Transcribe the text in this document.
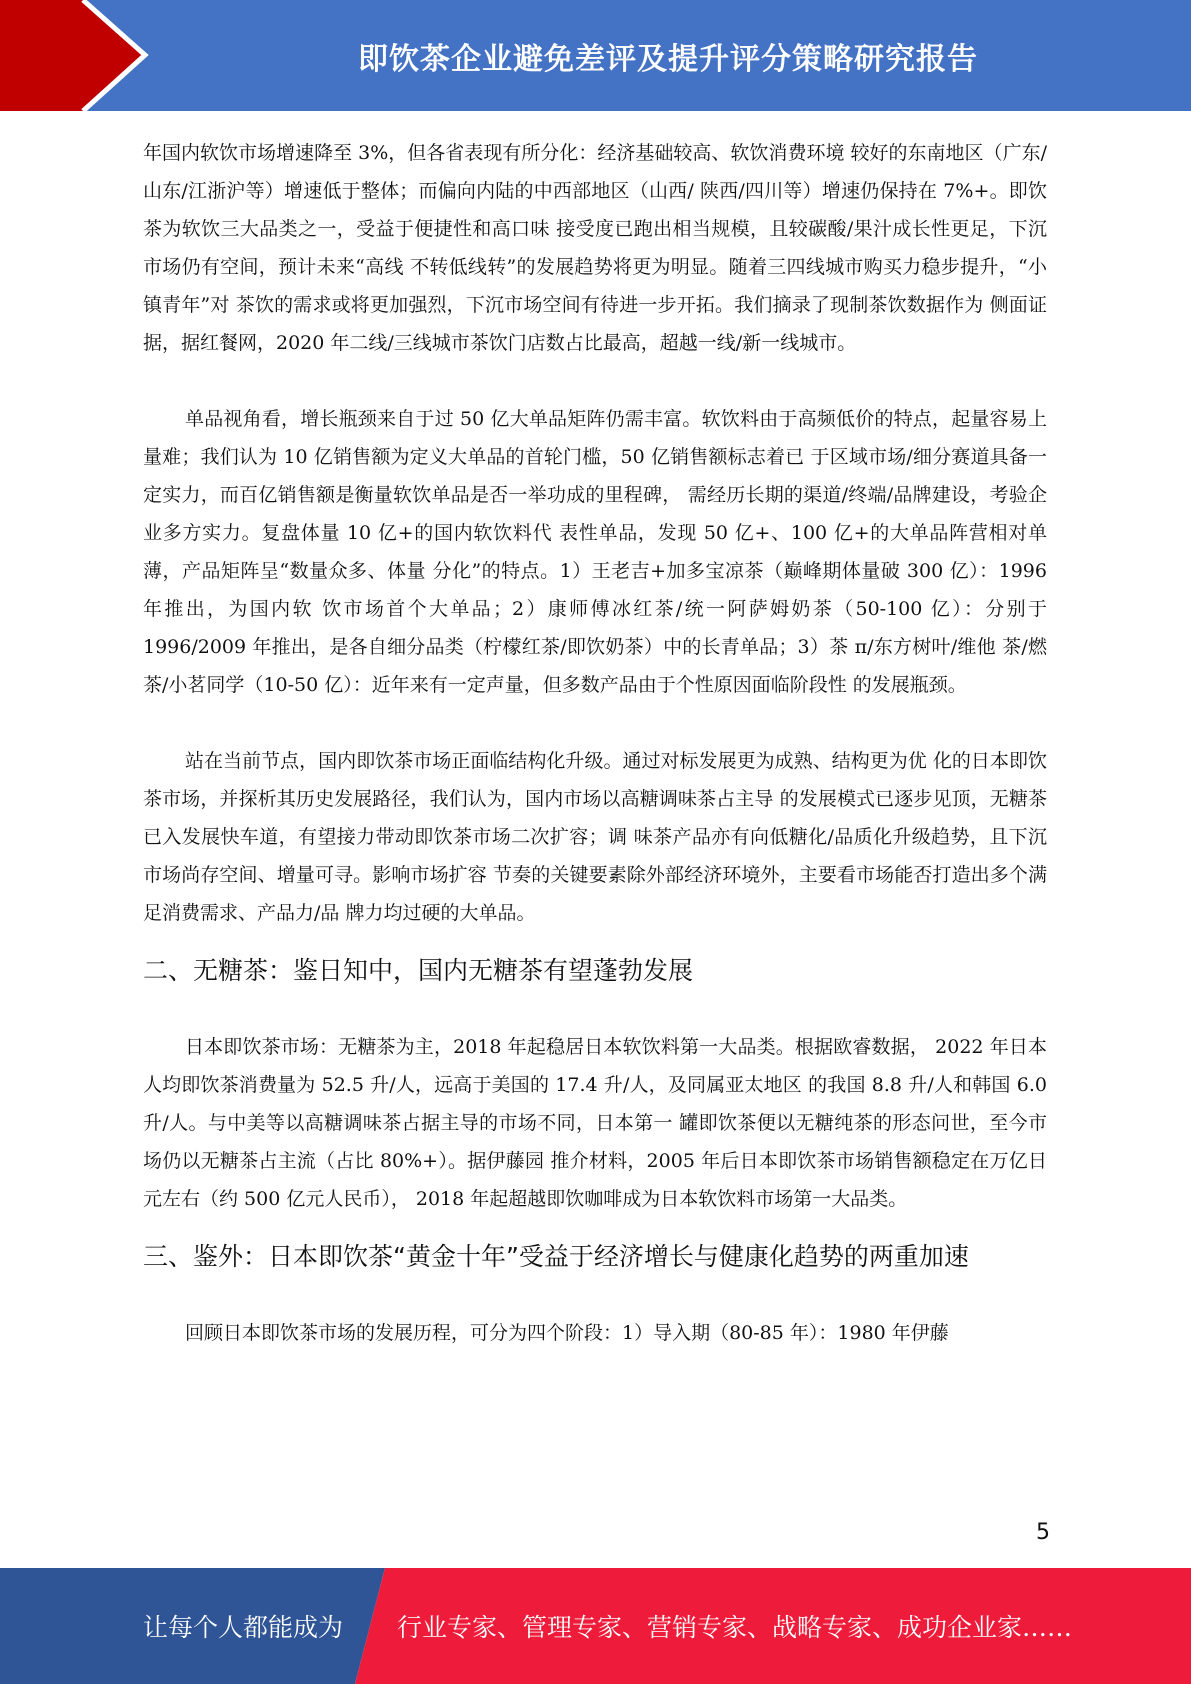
即饮茶企业避免差评及提升评分策略研究报告

年国内软饮市场增速降至 3%，但各省表现有所分化：经济基础较高、软饮消费环境 较好的东南地区（广东/山东/江浙沪等）增速低于整体；而偏向内陆的中西部地区（山西/ 陕西/四川等）增速仍保持在 7%+。即饮茶为软饮三大品类之一，受益于便捷性和高口味 接受度已跑出相当规模，且较碳酸/果汁成长性更足，下沉市场仍有空间，预计未来“高线 不转低线转”的发展趋势将更为明显。随着三四线城市购买力稳步提升，“小镇青年”对 茶饮的需求或将更加强烈，下沉市场空间有待进一步开拓。我们摘录了现制茶饮数据作为 侧面证据，据红餐网，2020 年二线/三线城市茶饮门店数占比最高，超越一线/新一线城市。

单品视角看，增长瓶颈来自于过 50 亿大单品矩阵仍需丰富。软饮料由于高频低价的特点，起量容易上量难；我们认为 10 亿销售额为定义大单品的首轮门槛，50 亿销售额标志着已 于区域市场/细分赛道具备一定实力，而百亿销售额是衡量软饮单品是否一举功成的里程碑， 需经历长期的渠道/终端/品牌建设，考验企业多方实力。复盘体量 10 亿+的国内软饮料代 表性单品，发现 50 亿+、100 亿+的大单品阵营相对单薄，产品矩阵呈“数量众多、体量 分化”的特点。1）王老吉+加多宝凉茶（巅峰期体量破 300 亿）：1996 年推出，为国内软 饮市场首个大单品；2）康师傅冰红茶/统一阿萨姆奶茶（50-100 亿）：分别于 1996/2009 年推出，是各自细分品类（柠檬红茶/即饮奶茶）中的长青单品；3）茶 π/东方树叶/维他 茶/燃茶/小茗同学（10-50 亿）：近年来有一定声量，但多数产品由于个性原因面临阶段性 的发展瓶颈。

站在当前节点，国内即饮茶市场正面临结构化升级。通过对标发展更为成熟、结构更为优 化的日本即饮茶市场，并探析其历史发展路径，我们认为，国内市场以高糖调味茶占主导 的发展模式已逐步见顶，无糖茶已入发展快车道，有望接力带动即饮茶市场二次扩容；调 味茶产品亦有向低糖化/品质化升级趋势，且下沉市场尚存空间、增量可寻。影响市场扩容 节奏的关键要素除外部经济环境外，主要看市场能否打造出多个满足消费需求、产品力/品 牌力均过硬的大单品。

二、无糖茶：鉴日知中，国内无糖茶有望蓬勃发展

日本即饮茶市场：无糖茶为主，2018 年起稳居日本软饮料第一大品类。根据欧睿数据， 2022 年日本人均即饮茶消费量为 52.5 升/人，远高于美国的 17.4 升/人，及同属亚太地区 的我国 8.8 升/人和韩国 6.0 升/人。与中美等以高糖调味茶占据主导的市场不同，日本第一 罐即饮茶便以无糖纯茶的形态问世，至今市场仍以无糖茶占主流（占比 80%+）。据伊藤园 推介材料，2005 年后日本即饮茶市场销售额稳定在万亿日元左右（约 500 亿元人民币）， 2018 年起超越即饮咖啡成为日本软饮料市场第一大品类。

三、鉴外：日本即饮茶“黄金十年”受益于经济增长与健康化趋势的两重加速

回顾日本即饮茶市场的发展历程，可分为四个阶段：1）导入期（80-85 年）：1980 年伊藤

5
让每个人都能成为 行业专家、管理专家、营销专家、战略专家、成功企业家……
